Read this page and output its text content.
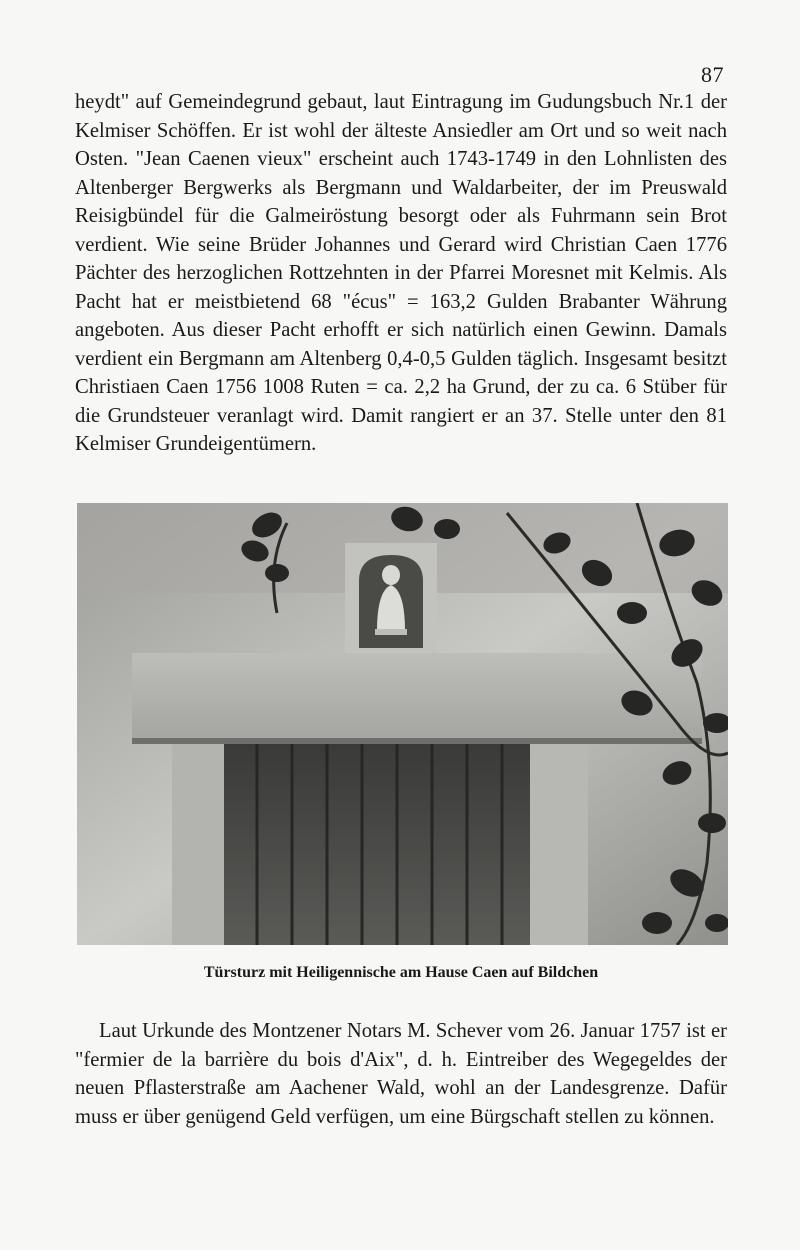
87

heydt" auf Gemeindegrund gebaut, laut Eintragung im Gudungsbuch Nr.1 der Kelmiser Schöffen. Er ist wohl der älteste Ansiedler am Ort und so weit nach Osten. "Jean Caenen vieux" erscheint auch 1743-1749 in den Lohnlisten des Altenberger Bergwerks als Bergmann und Waldarbeiter, der im Preuswald Reisigbündel für die Galmeiröstung besorgt oder als Fuhrmann sein Brot verdient. Wie seine Brüder Johannes und Gerard wird Christian Caen 1776 Pächter des herzoglichen Rottzehnten in der Pfarrei Moresnet mit Kelmis. Als Pacht hat er meistbietend 68 "écus" = 163,2 Gulden Brabanter Währung angeboten. Aus dieser Pacht erhofft er sich natürlich einen Gewinn. Damals verdient ein Bergmann am Altenberg 0,4-0,5 Gulden täglich. Insgesamt besitzt Christiaen Caen 1756 1008 Ruten = ca. 2,2 ha Grund, der zu ca. 6 Stüber für die Grundsteuer veranlagt wird. Damit rangiert er an 37. Stelle unter den 81 Kelmiser Grundeigentümern.

Türsturz mit Heiligennische am Hause Caen auf Bildchen

Laut Urkunde des Montzener Notars M. Schever vom 26. Januar 1757 ist er "fermier de la barrière du bois d'Aix", d. h. Eintreiber des Wegegeldes der neuen Pflasterstraße am Aachener Wald, wohl an der Landesgrenze. Dafür muss er über genügend Geld verfügen, um eine Bürgschaft stellen zu können.
